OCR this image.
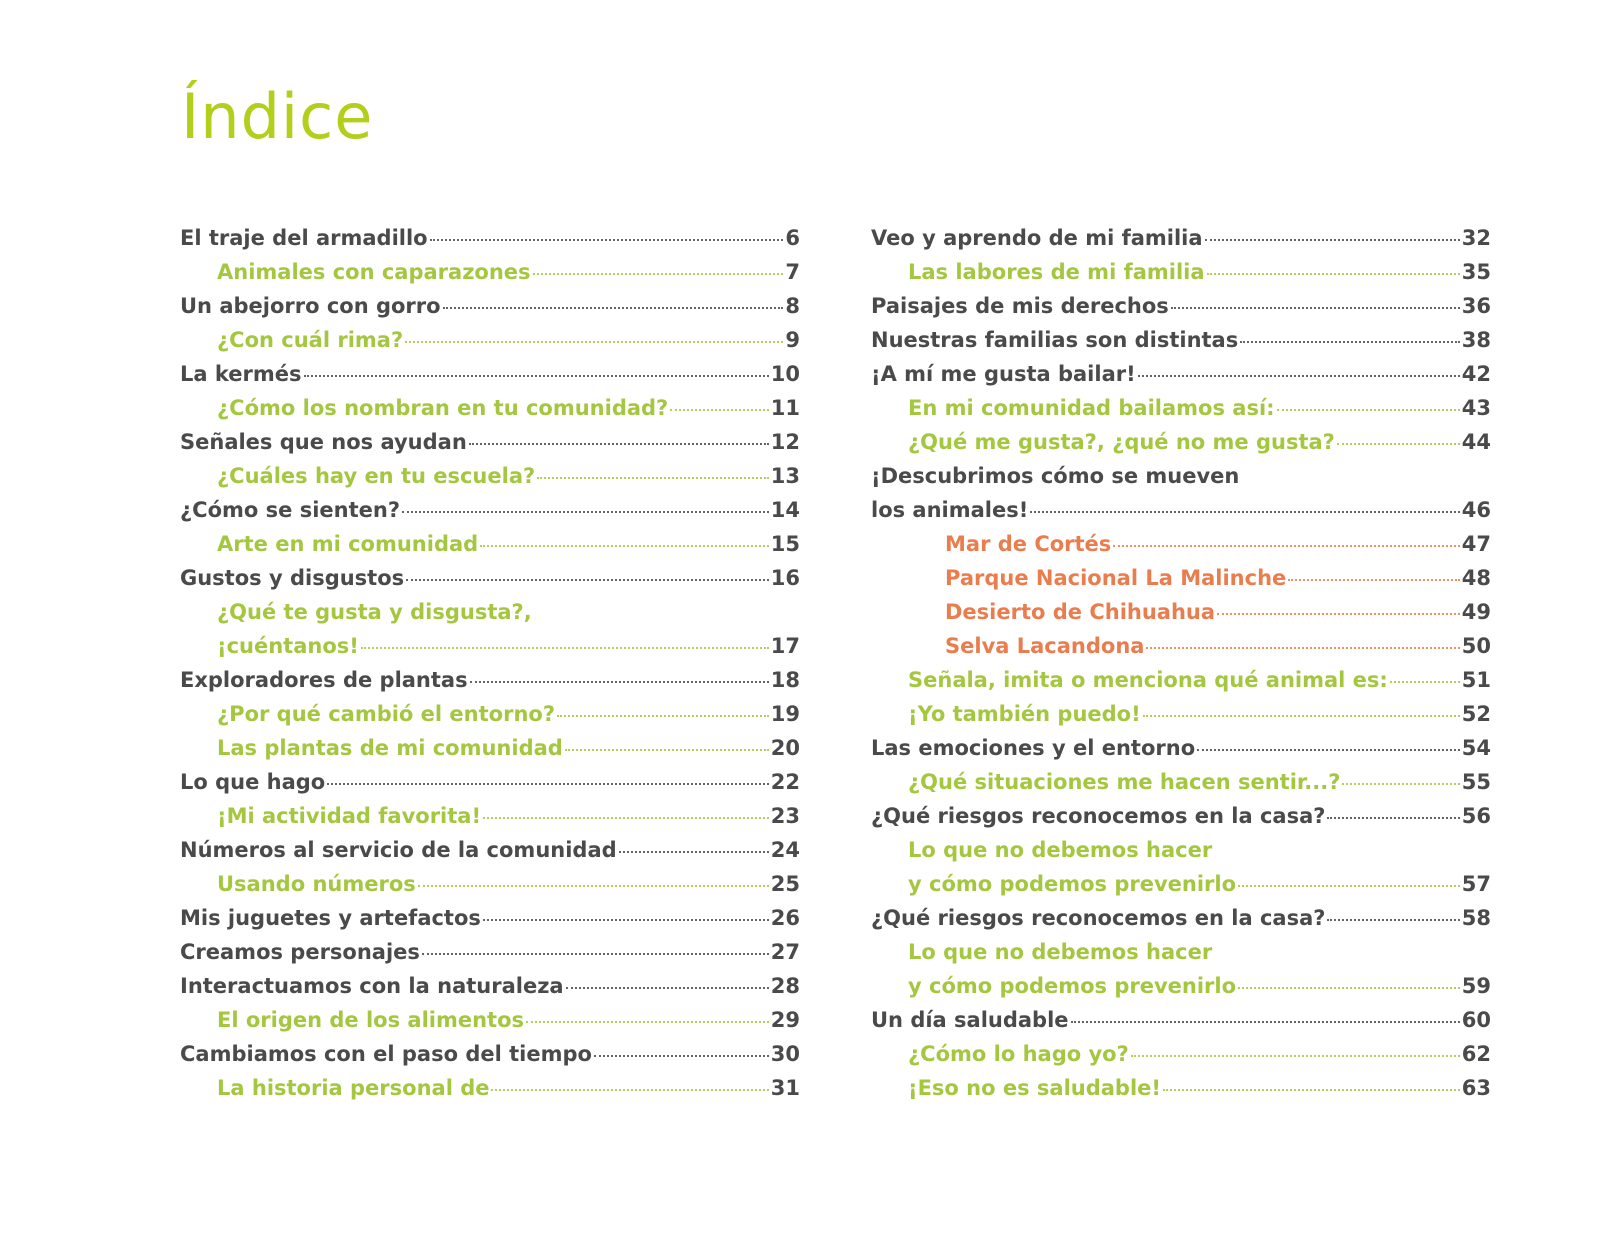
Índice
El traje del armadillo	6
Animales con caparazones	7
Un abejorro con gorro	8
¿Con cuál rima?	9
La kermés	10
¿Cómo los nombran en tu comunidad?	11
Señales que nos ayudan	12
¿Cuáles hay en tu escuela?	13
¿Cómo se sienten?	14
Arte en mi comunidad	15
Gustos y disgustos	16
¿Qué te gusta y disgusta?,
¡cuéntanos!	17
Exploradores de plantas	18
¿Por qué cambió el entorno?	19
Las plantas de mi comunidad	20
Lo que hago	22
¡Mi actividad favorita!	23
Números al servicio de la comunidad	24
Usando números	25
Mis juguetes y artefactos	26
Creamos personajes	27
Interactuamos con la naturaleza	28
El origen de los alimentos	29
Cambiamos con el paso del tiempo	30
La historia personal de	31
Veo y aprendo de mi familia	32
Las labores de mi familia	35
Paisajes de mis derechos	36
Nuestras familias son distintas	38
¡A mí me gusta bailar!	42
En mi comunidad bailamos así:	43
¿Qué me gusta?, ¿qué no me gusta?	44
¡Descubrimos cómo se mueven
los animales!	46
Mar de Cortés	47
Parque Nacional La Malinche	48
Desierto de Chihuahua	49
Selva Lacandona	50
Señala, imita o menciona qué animal es:	51
¡Yo también puedo!	52
Las emociones y el entorno	54
¿Qué situaciones me hacen sentir...?	55
¿Qué riesgos reconocemos en la casa?	56
Lo que no debemos hacer
y cómo podemos prevenirlo	57
¿Qué riesgos reconocemos en la casa?	58
Lo que no debemos hacer
y cómo podemos prevenirlo	59
Un día saludable	60
¿Cómo lo hago yo?	62
¡Eso no es saludable!	63
